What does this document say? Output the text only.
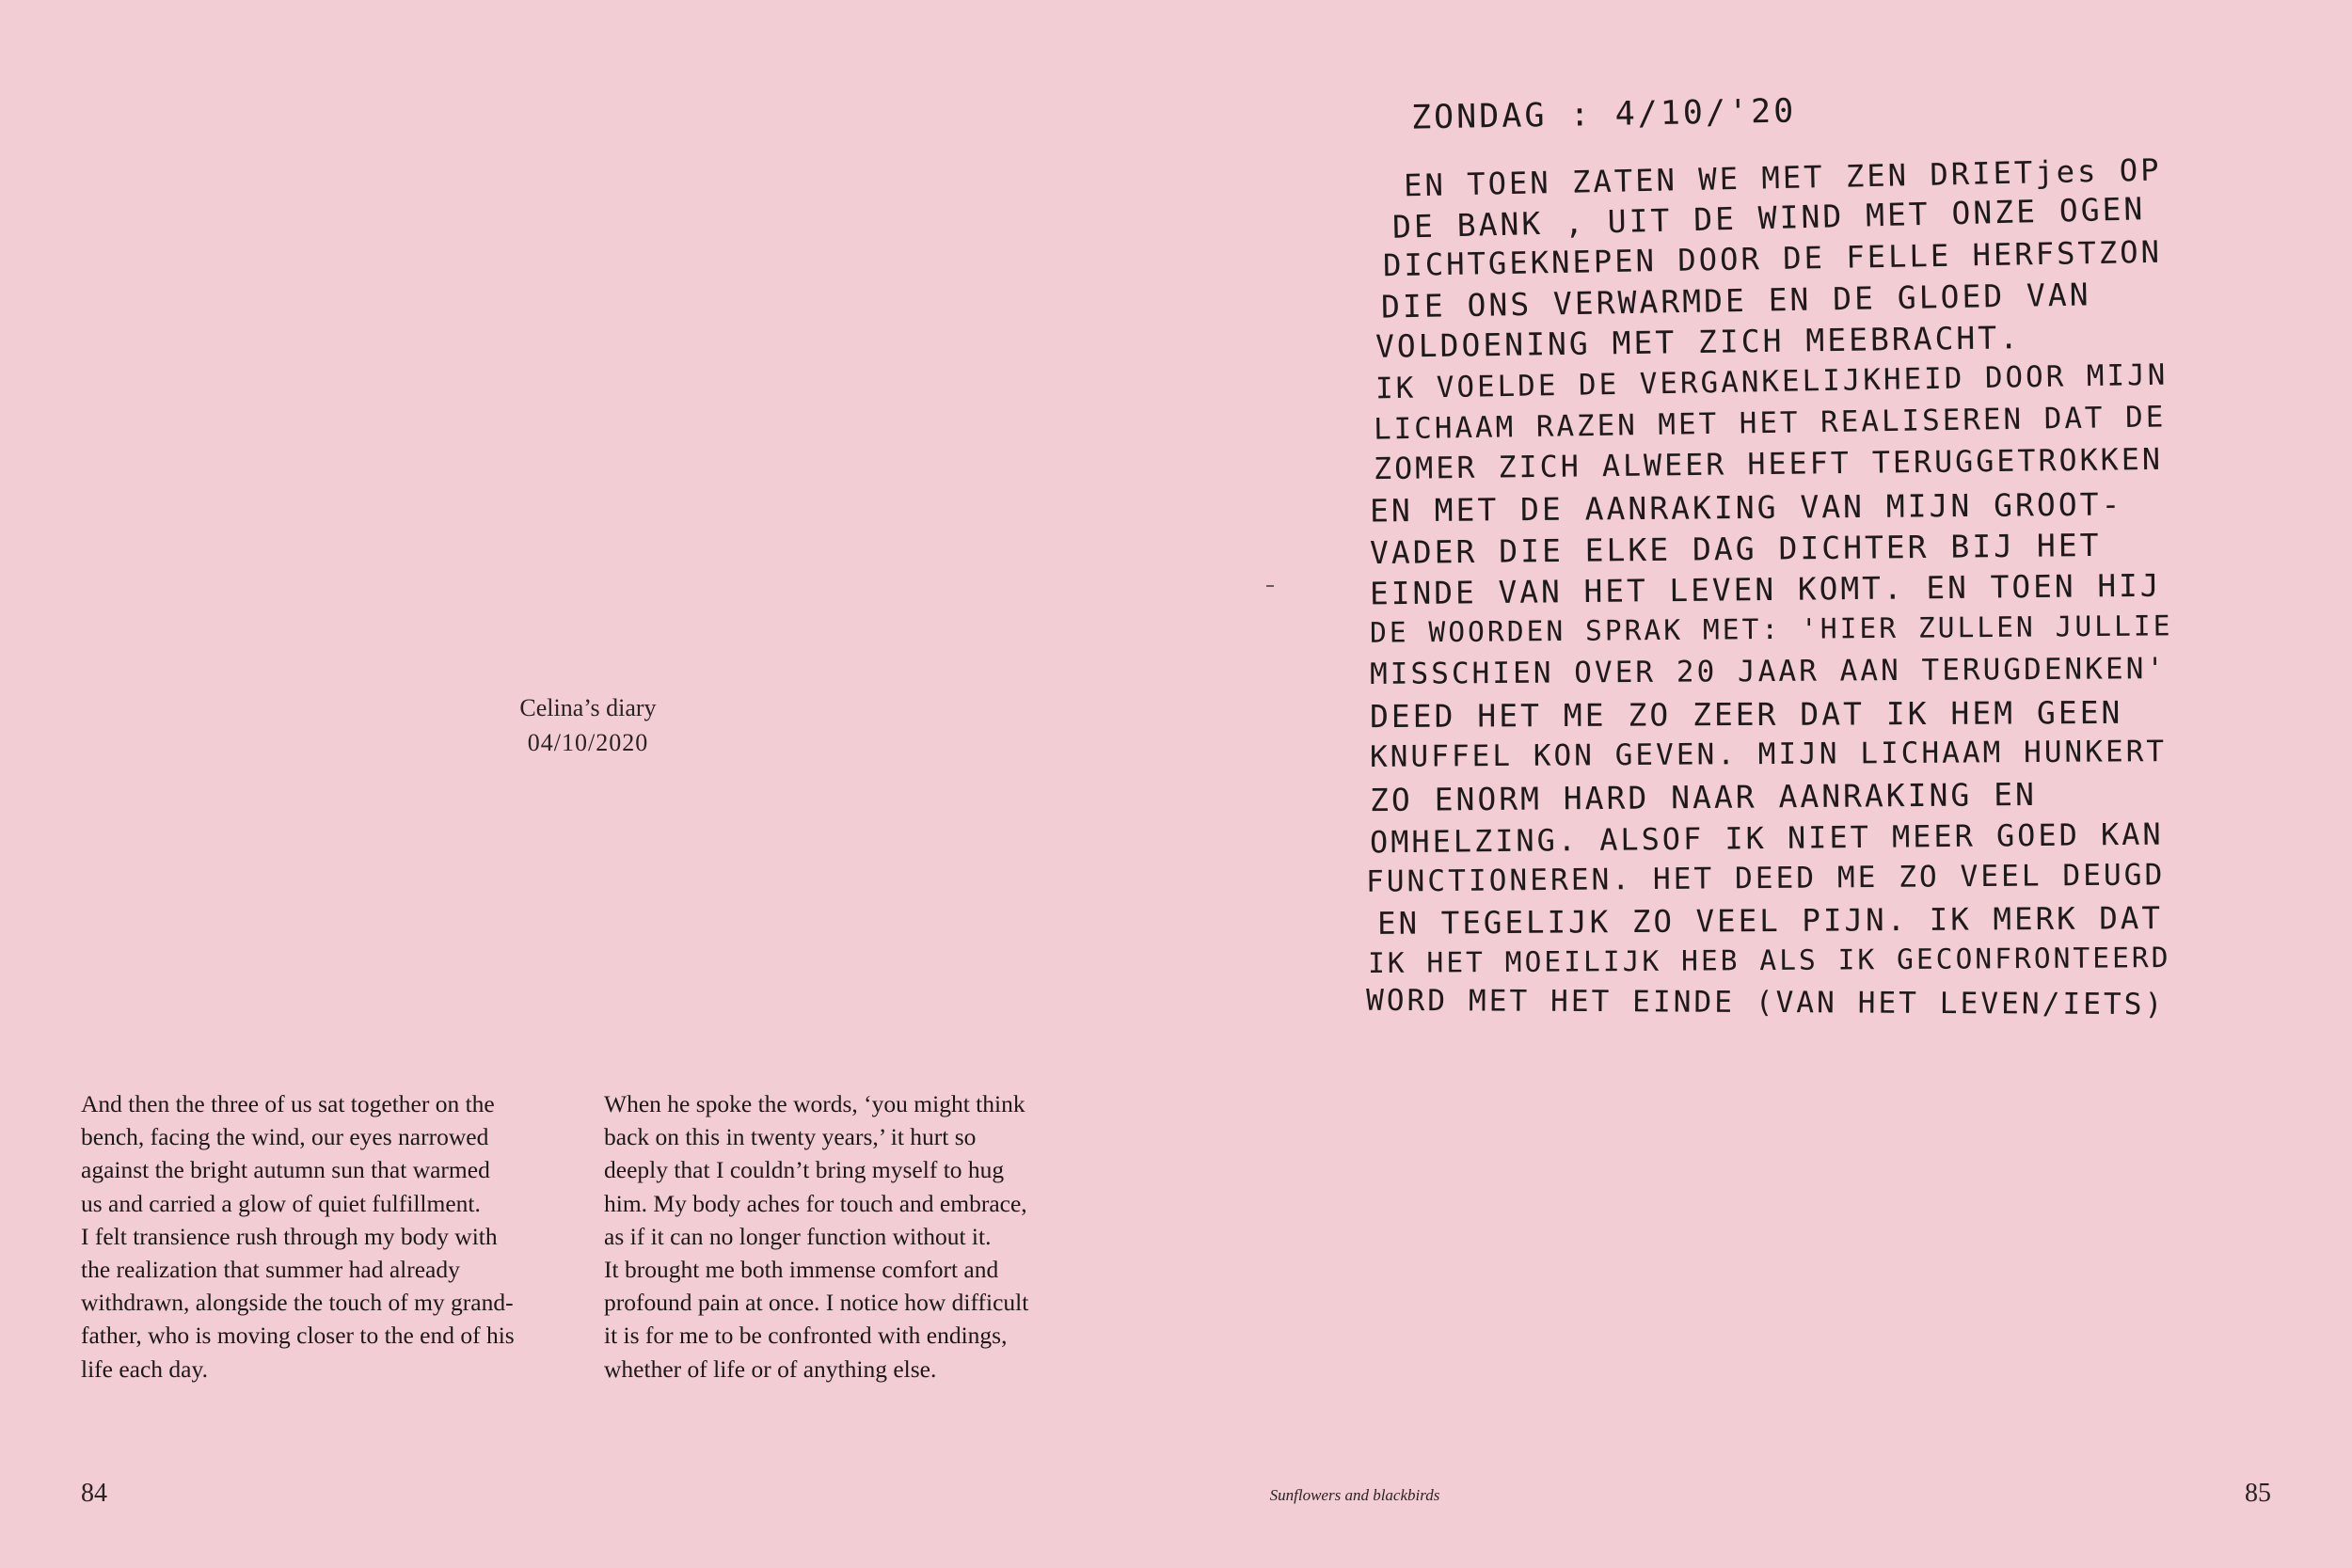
Celina’s diary
04/10/2020
And then the three of us sat together on the
bench, facing the wind, our eyes narrowed
against the bright autumn sun that warmed
us and carried a glow of quiet fulfillment.
I felt transience rush through my body with
the realization that summer had already
withdrawn, alongside the touch of my grand-
father, who is moving closer to the end of his
life each day.
When he spoke the words, ‘you might think
back on this in twenty years,’ it hurt so
deeply that I couldn’t bring myself to hug
him. My body aches for touch and embrace,
as if it can no longer function without it.
It brought me both immense comfort and
profound pain at once. I notice how difficult
it is for me to be confronted with endings,
whether of life or of anything else.
84	Sunflowers and blackbirds	85
ZONDAG : 4/10/'20
EN TOEN ZATEN WE MET ZEN DRIETjes OP
DE BANK , UIT DE WIND MET ONZE OGEN
DICHTGEKNEPEN DOOR DE FELLE HERFSTZON
DIE ONS VERWARMDE EN DE GLOED VAN
VOLDOENING MET ZICH MEEBRACHT.
IK VOELDE DE VERGANKELIJKHEID DOOR MIJN
LICHAAM RAZEN MET HET REALISEREN DAT DE
ZOMER ZICH ALWEER HEEFT TERUGGETROKKEN
EN MET DE AANRAKING VAN MIJN GROOT-
VADER DIE ELKE DAG DICHTER BIJ HET
EINDE VAN HET LEVEN KOMT. EN TOEN HIJ
DE WOORDEN SPRAK MET: 'HIER ZULLEN JULLIE
MISSCHIEN OVER 20 JAAR AAN TERUGDENKEN'
DEED HET ME ZO ZEER DAT IK HEM GEEN
KNUFFEL KON GEVEN. MIJN LICHAAM HUNKERT
ZO ENORM HARD NAAR AANRAKING EN
OMHELZING. ALSOF IK NIET MEER GOED KAN
FUNCTIONEREN. HET DEED ME ZO VEEL DEUGD
EN TEGELIJK ZO VEEL PIJN. IK MERK DAT
IK HET MOEILIJK HEB ALS IK GECONFRONTEERD
WORD MET HET EINDE (VAN HET LEVEN/IETS)
